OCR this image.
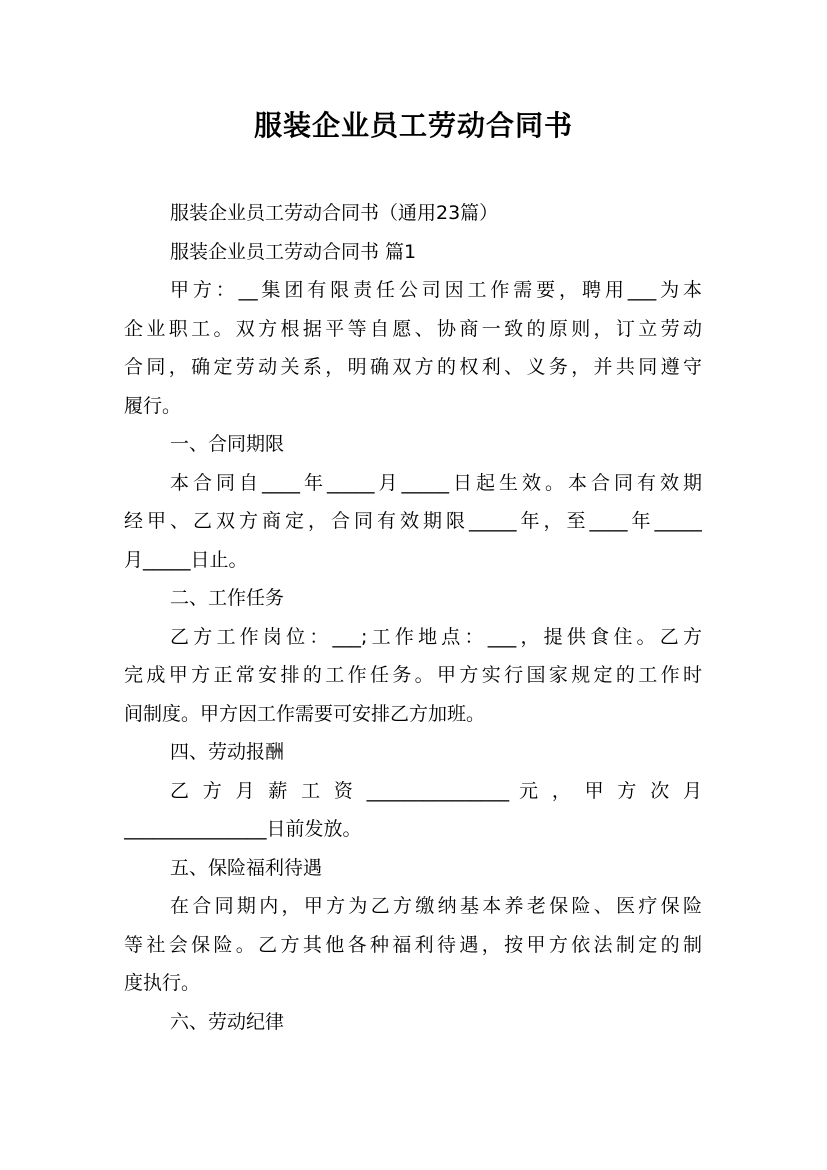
服装企业员工劳动合同书
服装企业员工劳动合同书（通用23篇）
服装企业员工劳动合同书 篇1
甲方：__集团有限责任公司因工作需要，聘用___为本
企业职工。双方根据平等自愿、协商一致的原则，订立劳动
合同，确定劳动关系，明确双方的权利、义务，并共同遵守
履行。
一、合同期限
本合同自____年_____月_____日起生效。本合同有效期
经甲、乙双方商定，合同有效期限_____年，至____年_____
月_____日止。
二、工作任务
乙方工作岗位：___;工作地点：___，提供食住。乙方
完成甲方正常安排的工作任务。甲方实行国家规定的工作时
间制度。甲方因工作需要可安排乙方加班。
四、劳动报酬
乙 方 月 薪 工 资 _______________ 元 ， 甲 方 次 月
_______________日前发放。
五、保险福利待遇
在合同期内，甲方为乙方缴纳基本养老保险、医疗保险
等社会保险。乙方其他各种福利待遇，按甲方依法制定的制
度执行。
六、劳动纪律
